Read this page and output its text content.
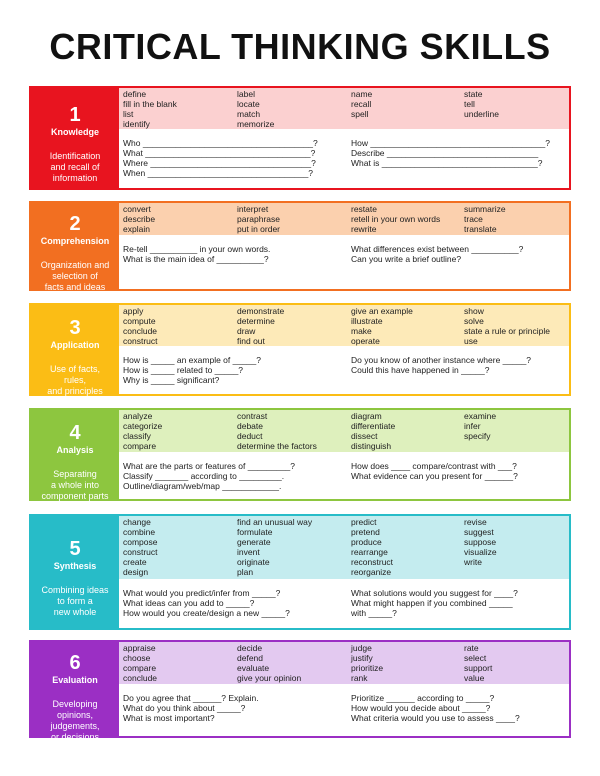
CRITICAL THINKING SKILLS
1
Knowledge
Identification
and recall of
information
define
fill in the blank
list
identify
label
locate
match
memorize
name
recall
spell
state
tell
underline
Who ____________________________________?
What ___________________________________?
Where __________________________________?
When __________________________________?
How _____________________________________?
Describe ________________________________
What is _________________________________?
2
Comprehension
Organization and
selection of
facts and ideas
convert
describe
explain
interpret
paraphrase
put in order
restate
retell in your own words
rewrite
summarize
trace
translate
Re-tell __________ in your own words.
What is the main idea of __________?
What differences exist between __________?
Can you write a brief outline?
3
Application
Use of facts,
rules,
and principles
apply
compute
conclude
construct
demonstrate
determine
draw
find out
give an example
illustrate
make
operate
show
solve
state a rule or principle
use
How is _____ an example of _____?
How is _____ related to _____?
Why is _____ significant?
Do you know of another instance where _____?
Could this have happened in _____?
4
Analysis
Separating
a whole into
component parts
analyze
categorize
classify
compare
contrast
debate
deduct
determine the factors
diagram
differentiate
dissect
distinguish
examine
infer
specify
What are the parts or features of _________?
Classify _______ according to _________.
Outline/diagram/web/map ____________.
How does ____ compare/contrast with ___?
What evidence can you present for ______?
5
Synthesis
Combining ideas
to form a
new whole
change
combine
compose
construct
create
design
find an unusual way
formulate
generate
invent
originate
plan
predict
pretend
produce
rearrange
reconstruct
reorganize
revise
suggest
suppose
visualize
write
What would you predict/infer from _____?
What ideas can you add to _____?
How would you create/design a new _____?
What solutions would you suggest for ____?
What might happen if you combined _____
with _____?
6
Evaluation
Developing
opinions,
judgements,
or decisions
appraise
choose
compare
conclude
decide
defend
evaluate
give your opinion
judge
justify
prioritize
rank
rate
select
support
value
Do you agree that ______? Explain.
What do you think about _____?
What is most important?
Prioritize ______ according to _____?
How would you decide about _____?
What criteria would you use to assess ____?
